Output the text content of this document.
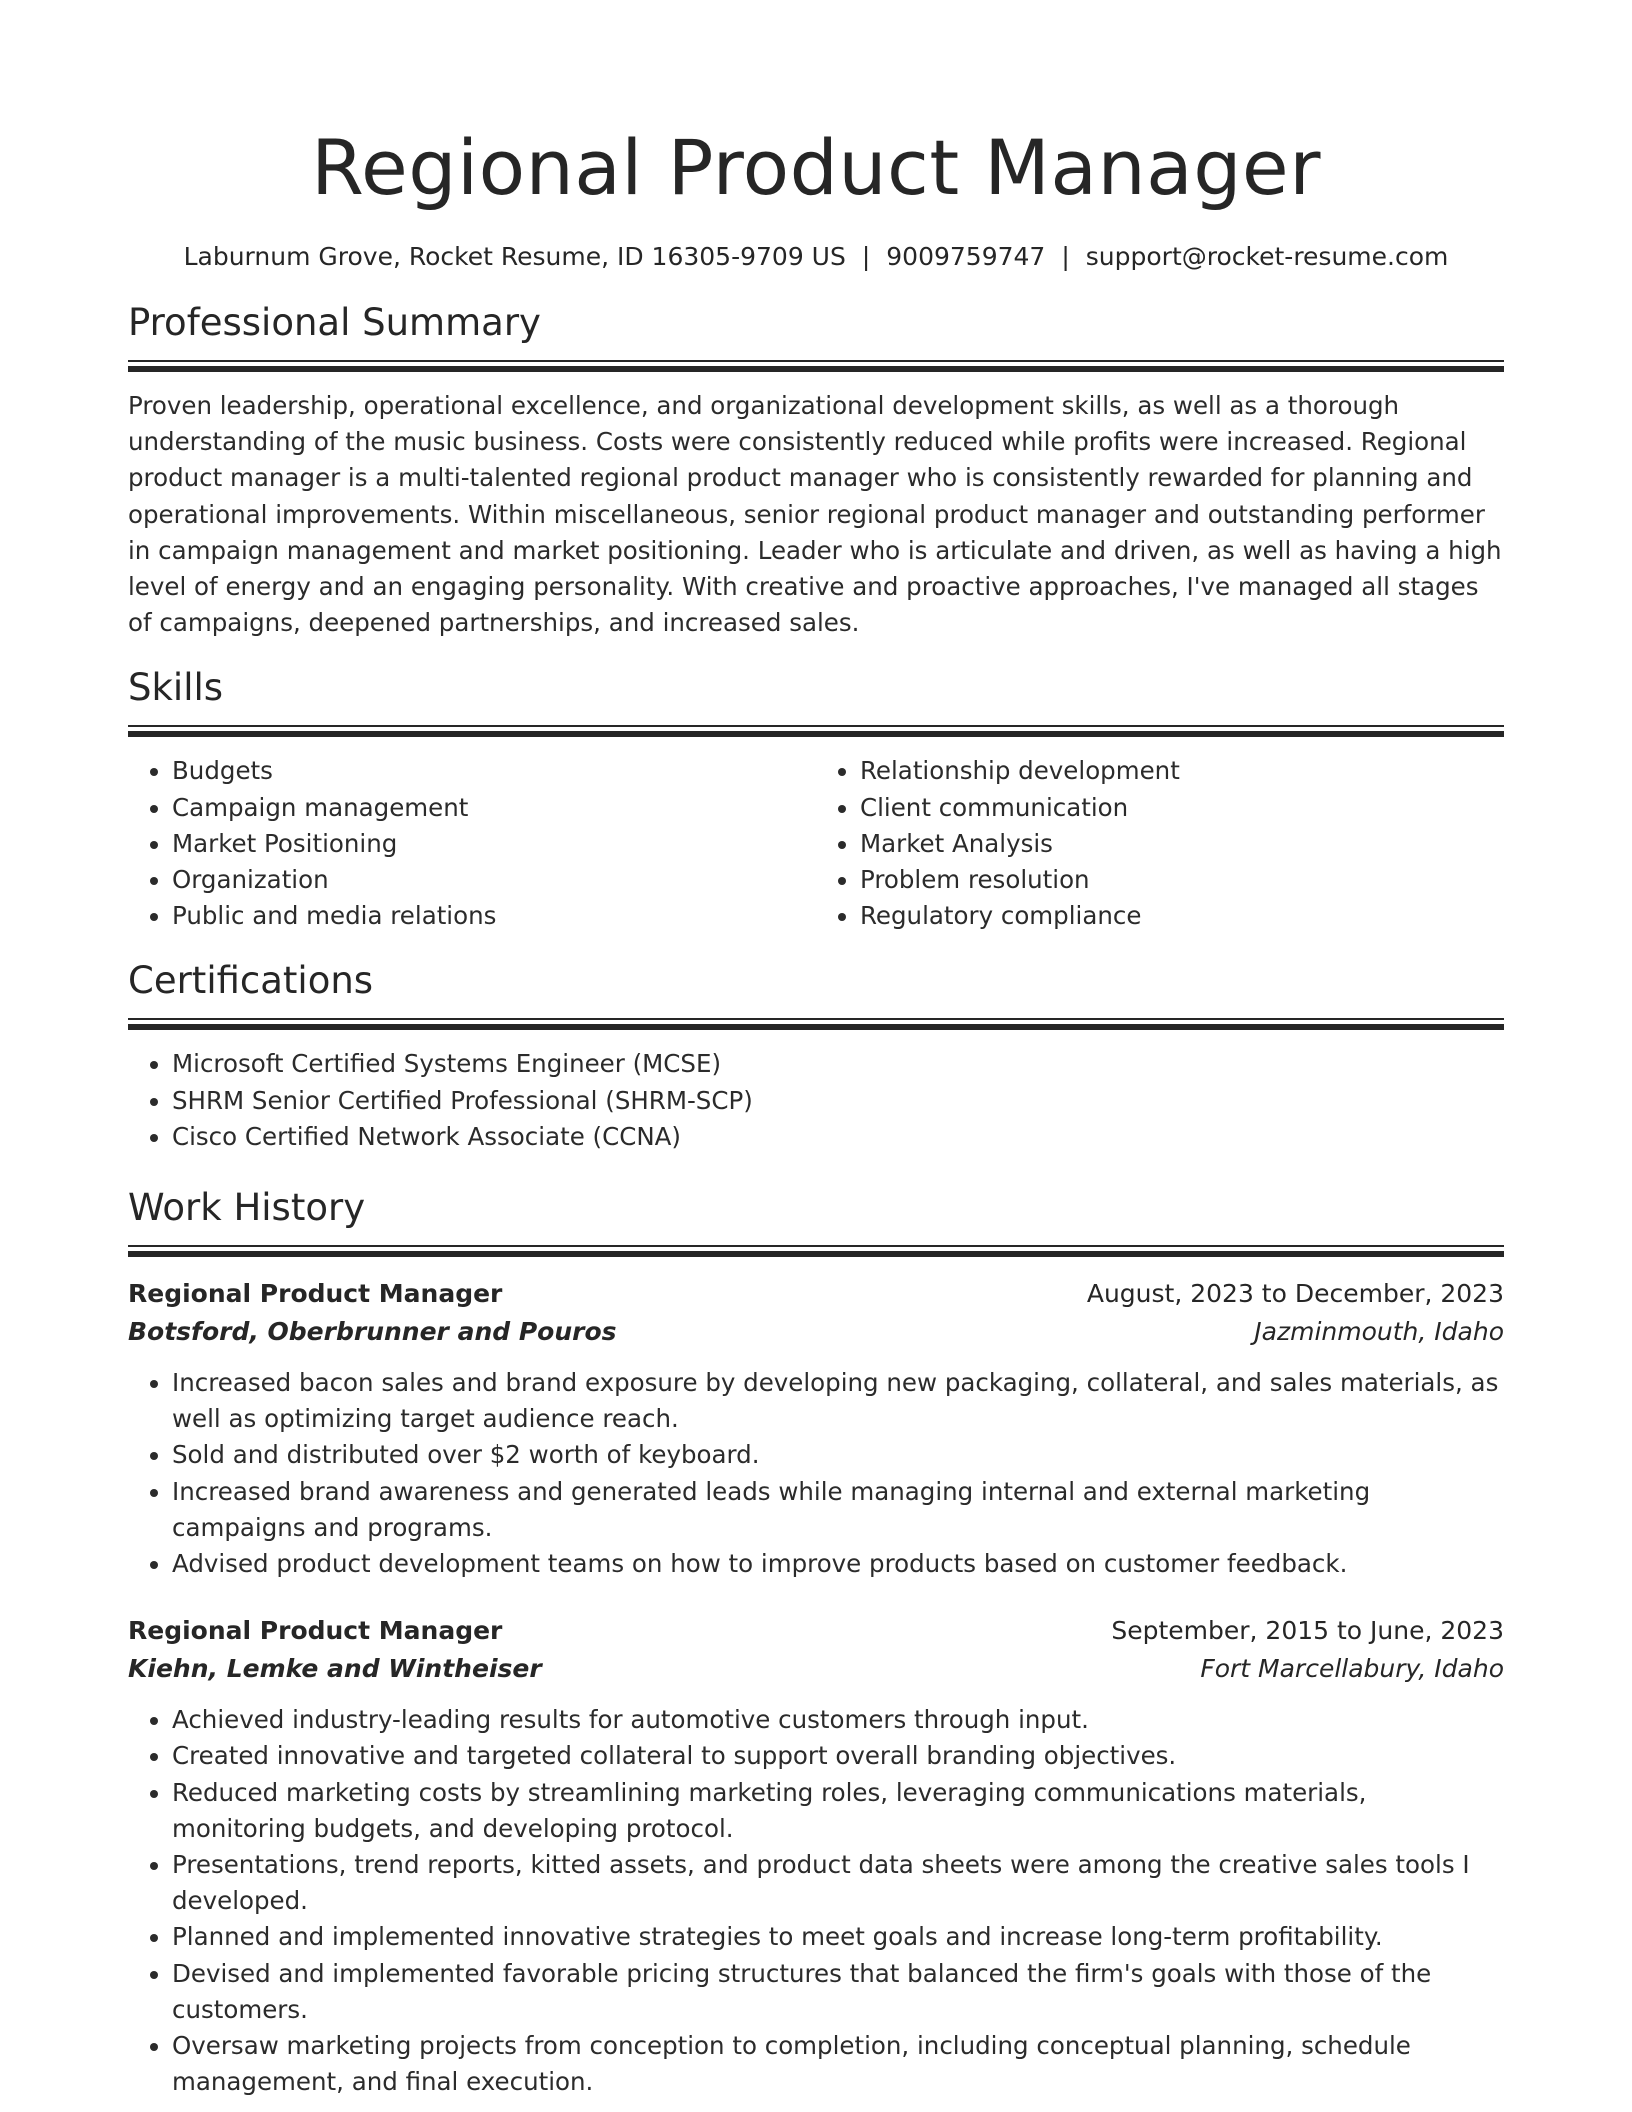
Regional Product Manager
Laburnum Grove, Rocket Resume, ID 16305-9709 US | 9009759747 | support@rocket-resume.com
Professional Summary

Proven leadership, operational excellence, and organizational development skills, as well as a thorough understanding of the music business. Costs were consistently reduced while profits were increased. Regional product manager is a multi-talented regional product manager who is consistently rewarded for planning and operational improvements. Within miscellaneous, senior regional product manager and outstanding performer in campaign management and market positioning. Leader who is articulate and driven, as well as having a high level of energy and an engaging personality. With creative and proactive approaches, I've managed all stages of campaigns, deepened partnerships, and increased sales.

Skills
• Budgets
• Campaign management
• Market Positioning
• Organization
• Public and media relations
• Relationship development
• Client communication
• Market Analysis
• Problem resolution
• Regulatory compliance
Certifications
• Microsoft Certified Systems Engineer (MCSE)
• SHRM Senior Certified Professional (SHRM-SCP)
• Cisco Certified Network Associate (CCNA)
Work History
Regional Product Manager	August, 2023 to December, 2023
Botsford, Oberbrunner and Pouros	Jazminmouth, Idaho
• Increased bacon sales and brand exposure by developing new packaging, collateral, and sales materials, as well as optimizing target audience reach.
• Sold and distributed over $2 worth of keyboard.
• Increased brand awareness and generated leads while managing internal and external marketing campaigns and programs.
• Advised product development teams on how to improve products based on customer feedback.
Regional Product Manager	September, 2015 to June, 2023
Kiehn, Lemke and Wintheiser	Fort Marcellabury, Idaho
• Achieved industry-leading results for automotive customers through input.
• Created innovative and targeted collateral to support overall branding objectives.
• Reduced marketing costs by streamlining marketing roles, leveraging communications materials, monitoring budgets, and developing protocol.
• Presentations, trend reports, kitted assets, and product data sheets were among the creative sales tools I developed.
• Planned and implemented innovative strategies to meet goals and increase long-term profitability.
• Devised and implemented favorable pricing structures that balanced the firm's goals with those of the customers.
• Oversaw marketing projects from conception to completion, including conceptual planning, schedule management, and final execution.
